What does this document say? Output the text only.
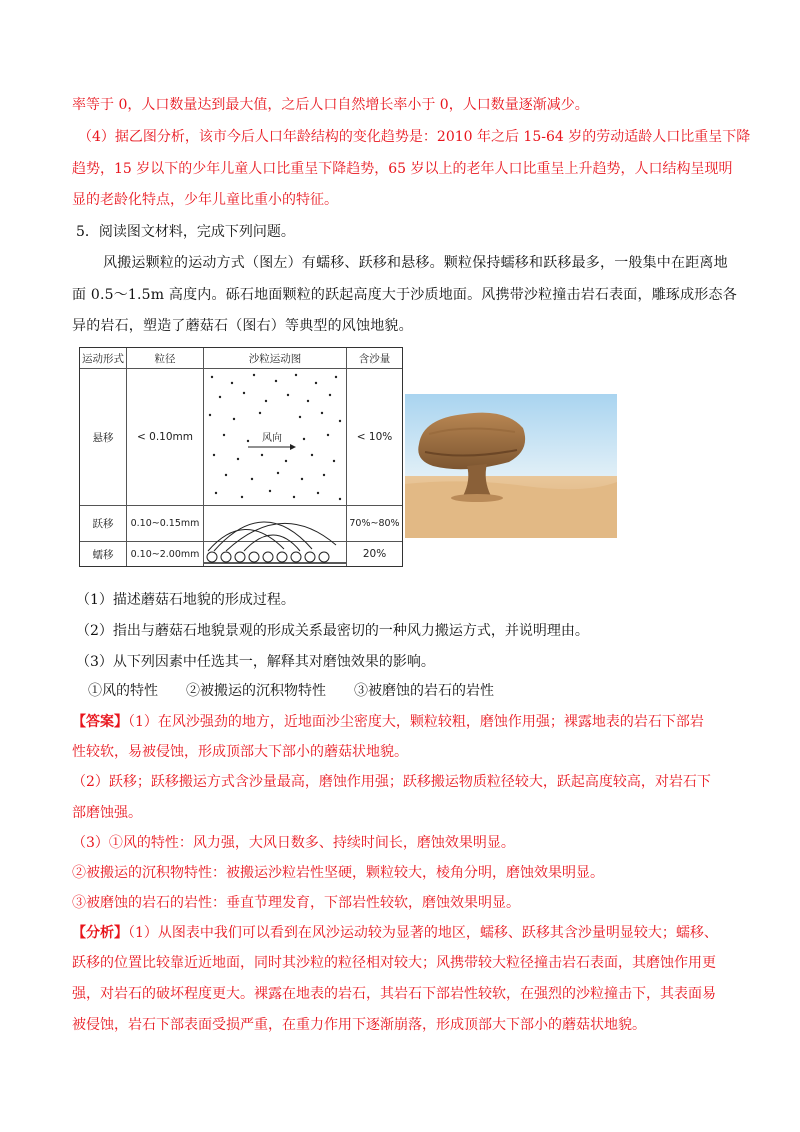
率等于 0，人口数量达到最大值，之后人口自然增长率小于 0，人口数量逐渐减少。
（4）据乙图分析，该市今后人口年龄结构的变化趋势是：2010 年之后 15-64 岁的劳动适龄人口比重呈下降
趋势，15 岁以下的少年儿童人口比重呈下降趋势，65 岁以上的老年人口比重呈上升趋势，人口结构呈现明
显的老龄化特点，少年儿童比重小的特征。
5．阅读图文材料，完成下列问题。
风搬运颗粒的运动方式（图左）有蠕移、跃移和悬移。颗粒保持蠕移和跃移最多，一般集中在距离地
面 0.5～1.5m 高度内。砾石地面颗粒的跃起高度大于沙质地面。风携带沙粒撞击岩石表面，雕琢成形态各
异的岩石，塑造了蘑菇石（图右）等典型的风蚀地貌。
运动形式	粒径	沙粒运动图	含沙量
悬移	< 0.10mm	< 10%
跃移	0.10~0.15mm	70%~80%
蠕移	0.10~2.00mm	20%
风向
（1）描述蘑菇石地貌的形成过程。
（2）指出与蘑菇石地貌景观的形成关系最密切的一种风力搬运方式，并说明理由。
（3）从下列因素中任选其一，解释其对磨蚀效果的影响。
①风的特性　　②被搬运的沉积物特性　　③被磨蚀的岩石的岩性
【答案】（1）在风沙强劲的地方，近地面沙尘密度大，颗粒较粗，磨蚀作用强；裸露地表的岩石下部岩
性较软，易被侵蚀，形成顶部大下部小的蘑菇状地貌。
（2）跃移；跃移搬运方式含沙量最高，磨蚀作用强；跃移搬运物质粒径较大，跃起高度较高，对岩石下
部磨蚀强。
（3）①风的特性：风力强，大风日数多、持续时间长，磨蚀效果明显。
②被搬运的沉积物特性：被搬运沙粒岩性坚硬，颗粒较大，棱角分明，磨蚀效果明显。
③被磨蚀的岩石的岩性：垂直节理发育，下部岩性较软，磨蚀效果明显。
【分析】（1）从图表中我们可以看到在风沙运动较为显著的地区，蠕移、跃移其含沙量明显较大；蠕移、
跃移的位置比较靠近近地面，同时其沙粒的粒径相对较大；风携带较大粒径撞击岩石表面，其磨蚀作用更
强，对岩石的破坏程度更大。裸露在地表的岩石，其岩石下部岩性较软，在强烈的沙粒撞击下，其表面易
被侵蚀，岩石下部表面受损严重，在重力作用下逐渐崩落，形成顶部大下部小的蘑菇状地貌。
